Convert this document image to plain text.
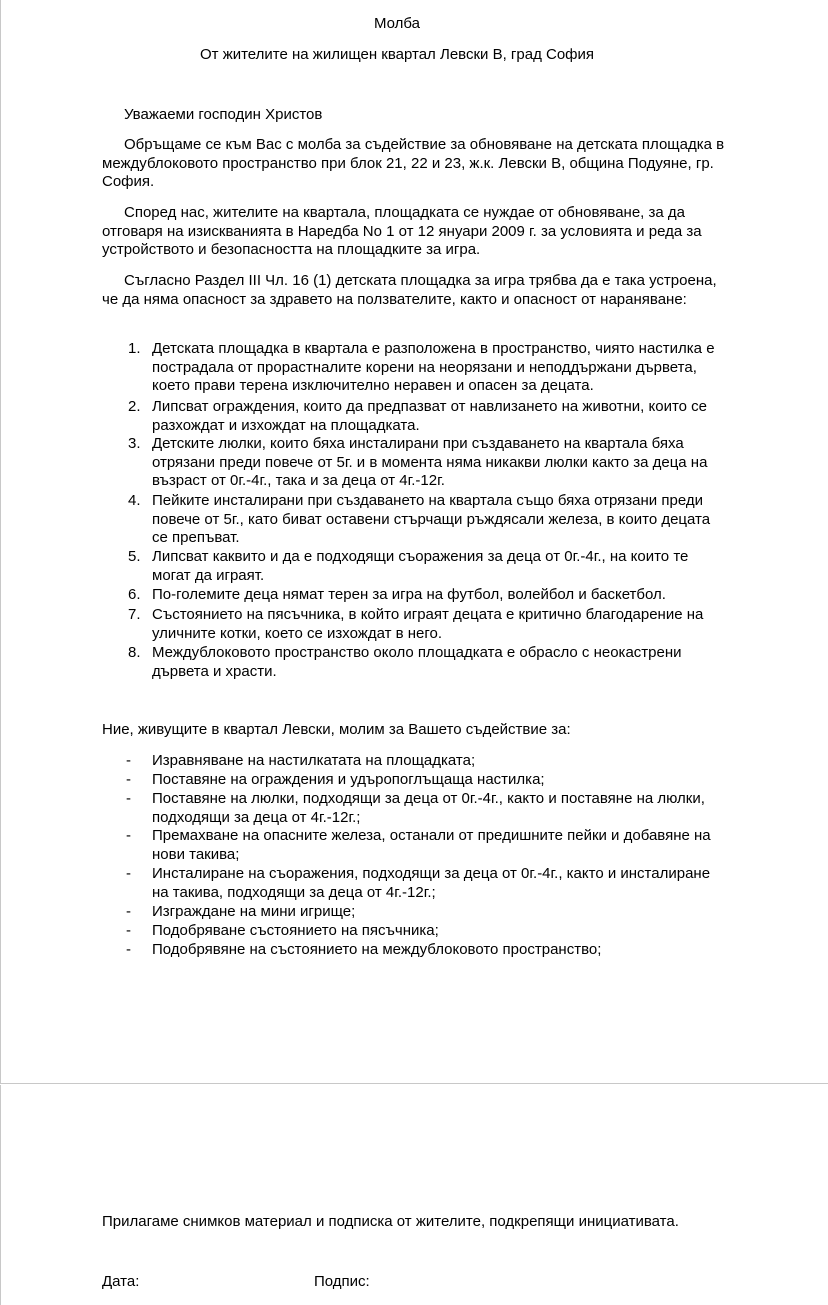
Молба

От жителите на жилищен квартал Левски В, град София

Уважаеми господин Христов

Обръщаме се към Вас с молба за съдействие за обновяване на детската площадка в междублоковото пространство при блок 21, 22 и 23, ж.к. Левски В, община Подуяне, гр. София.

Според нас, жителите на квартала, площадката се нуждае от обновяване, за да отговаря на изискванията в Наредба No 1 от 12 януари 2009 г. за условията и реда за устройството и безопасността на площадките за игра.

Съгласно Раздел III Чл. 16 (1) детската площадка за игра трябва да е така устроена, че да няма опасност за здравето на ползвателите, както и опасност от нараняване:

1. Детската площадка в квартала е разположена в пространство, чиято настилка е пострадала от прорастналите корени на неорязани и неподдържани дървета, което прави терена изключително неравен и опасен за децата.
2. Липсват ограждения, които да предпазват от навлизането на животни, които се разхождат и изхождат на площадката.
3. Детските люлки, които бяха инсталирани при създаването на квартала бяха отрязани преди повече от 5г. и в момента няма никакви люлки както за деца на възраст от 0г.-4г., така и за деца от 4г.-12г.
4. Пейките инсталирани при създаването на квартала също бяха отрязани преди повече от 5г., като биват оставени стърчащи ръждясали железа, в които децата се препъват.
5. Липсват каквито и да е подходящи съоражения за деца от 0г.-4г., на които те могат да играят.
6. По-големите деца нямат терен за игра на футбол, волейбол и баскетбол.
7. Състоянието на пясъчника, в който играят децата е критично благодарение на уличните котки, което се изхождат в него.
8. Междублоковото пространство около площадката е обрасло с неокастрени дървета и храсти.

Ние, живущите в квартал Левски, молим за Вашето съдействие за:

-	Изравняване на настилкатата на площадката;
-	Поставяне на ограждения и удъропоглъщаща настилка;
-	Поставяне на люлки, подходящи за деца от 0г.-4г., както и поставяне на люлки, подходящи за деца от 4г.-12г.;
-	Премахване на опасните железа, останали от предишните пейки и добавяне на нови такива;
-	Инсталиране на съоражения, подходящи за деца от 0г.-4г., както и инсталиране на такива, подходящи за деца от 4г.-12г.;
-	Изграждане на мини игрище;
-	Подобряване състоянието на пясъчника;
-	Подобрявяне на състоянието на междублоковото пространство;

Прилагаме снимков материал и подписка от жителите, подкрепящи инициативата.

Дата:	Подпис:
